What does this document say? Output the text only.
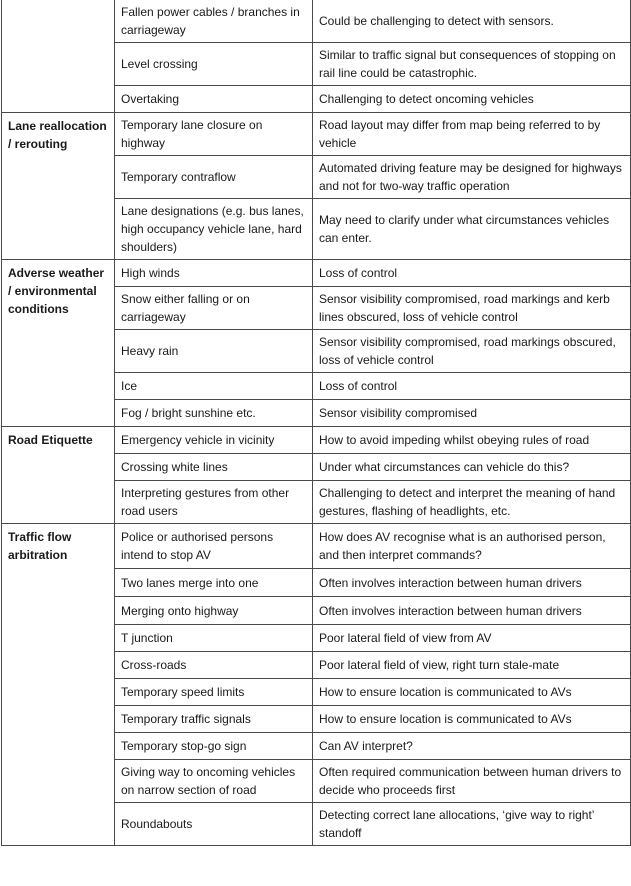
	Fallen power cables / branches in carriageway	Could be challenging to detect with sensors.
	Level crossing	Similar to traffic signal but consequences of stopping on rail line could be catastrophic.
	Overtaking	Challenging to detect oncoming vehicles
Lane reallocation / rerouting	Temporary lane closure on highway	Road layout may differ from map being referred to by vehicle
	Temporary contraflow	Automated driving feature may be designed for highways and not for two-way traffic operation
	Lane designations (e.g. bus lanes, high occupancy vehicle lane, hard shoulders)	May need to clarify under what circumstances vehicles can enter.
Adverse weather / environmental conditions	High winds	Loss of control
	Snow either falling or on carriageway	Sensor visibility compromised, road markings and kerb lines obscured, loss of vehicle control
	Heavy rain	Sensor visibility compromised, road markings obscured, loss of vehicle control
	Ice	Loss of control
	Fog / bright sunshine etc.	Sensor visibility compromised
Road Etiquette	Emergency vehicle in vicinity	How to avoid impeding whilst obeying rules of road
	Crossing white lines	Under what circumstances can vehicle do this?
	Interpreting gestures from other road users	Challenging to detect and interpret the meaning of hand gestures, flashing of headlights, etc.
Traffic flow arbitration	Police or authorised persons intend to stop AV	How does AV recognise what is an authorised person, and then interpret commands?
	Two lanes merge into one	Often involves interaction between human drivers
	Merging onto highway	Often involves interaction between human drivers
	T junction	Poor lateral field of view from AV
	Cross-roads	Poor lateral field of view, right turn stale-mate
	Temporary speed limits	How to ensure location is communicated to AVs
	Temporary traffic signals	How to ensure location is communicated to AVs
	Temporary stop-go sign	Can AV interpret?
	Giving way to oncoming vehicles on narrow section of road	Often required communication between human drivers to decide who proceeds first
	Roundabouts	Detecting correct lane allocations, ‘give way to right’ standoff
